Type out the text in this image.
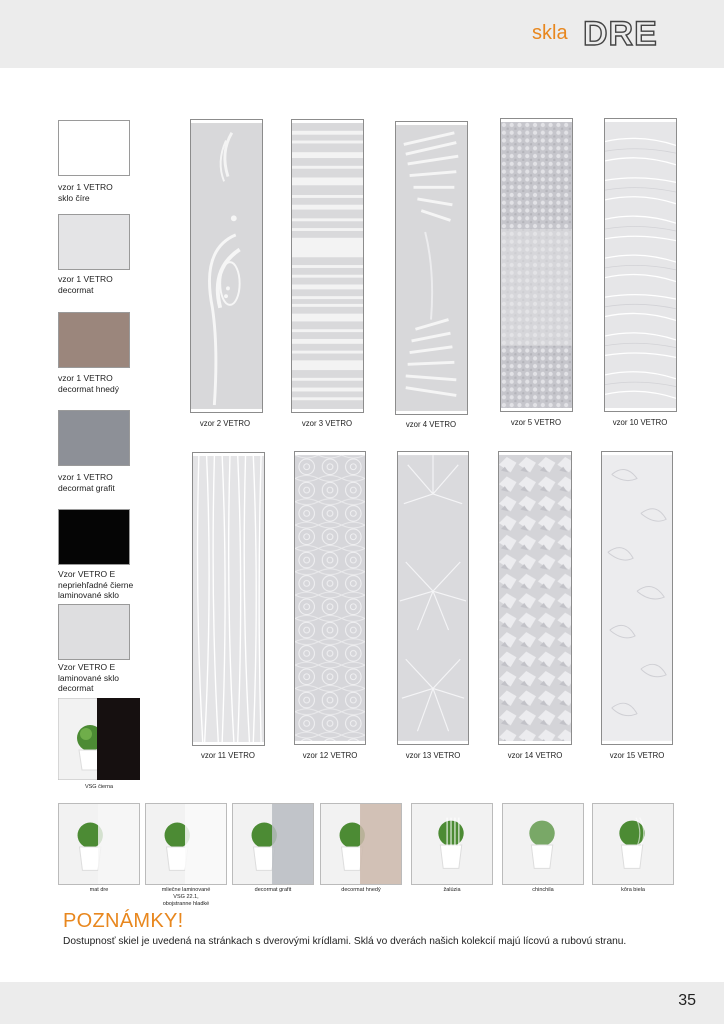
skla DRE
vzor 1 VETRO
sklo číre
vzor 1 VETRO
decormat
vzor 1 VETRO
decormat hnedý
vzor 1 VETRO
decormat grafit
Vzor VETRO E
nepriehľadné čierne
laminované sklo
Vzor VETRO E
laminované sklo
decormat
VSG čierna
vzor 2 VETRO	vzor 3 VETRO	vzor 4 VETRO	vzor 5 VETRO	vzor 10 VETRO
vzor 11 VETRO	vzor 12 VETRO	vzor 13 VETRO	vzor 14 VETRO	vzor 15 VETRO
mat dre	mliečne laminované
VSG 22.1,
obojstranne hladké
decormat grafit	decormat hnedý	žalúzia	chinchila	kôra biela
POZNÁMKY!
Dostupnosť skiel je uvedená na stránkach s dverovými krídlami. Sklá vo dverách našich kolekcií majú lícovú a rubovú stranu.
35
